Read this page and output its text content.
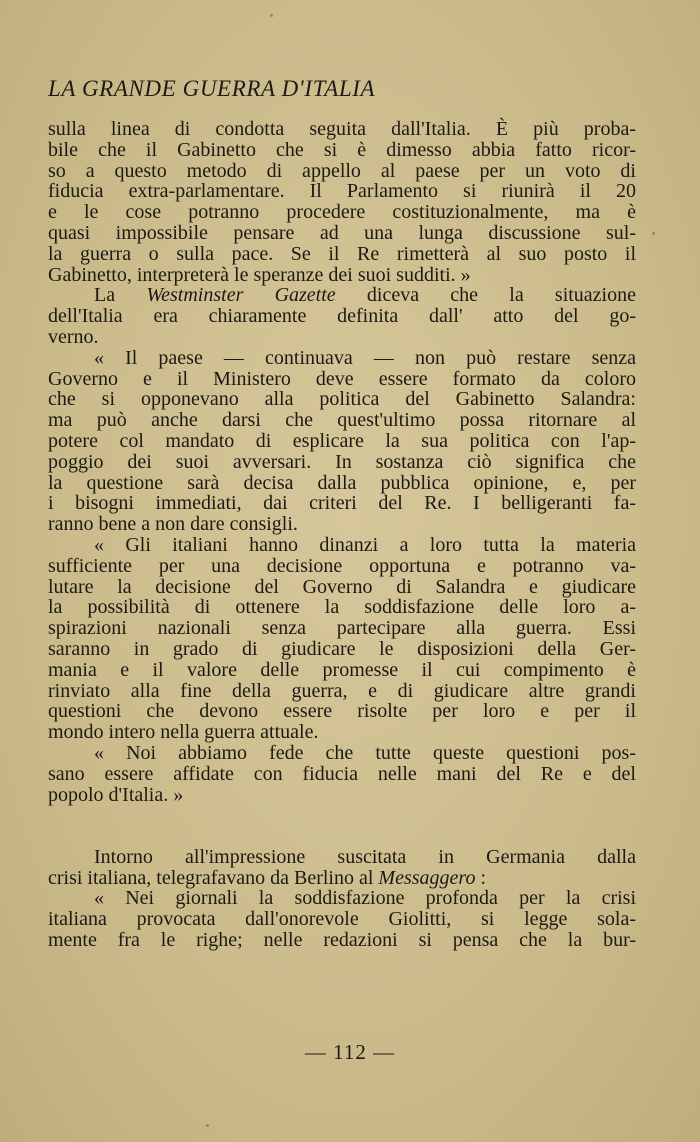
LA GRANDE GUERRA D'ITALIA
sulla linea di condotta seguita dall'Italia. È più proba-
bile che il Gabinetto che si è dimesso abbia fatto ricor-
so a questo metodo di appello al paese per un voto di
fiducia extra-parlamentare. Il Parlamento si riunirà il 20
e le cose potranno procedere costituzionalmente, ma è
quasi impossibile pensare ad una lunga discussione sul-
la guerra o sulla pace. Se il Re rimetterà al suo posto il
Gabinetto, interpreterà le speranze dei suoi sudditi. »
La Westminster Gazette diceva che la situazione
dell'Italia era chiaramente definita dall' atto del go-
verno.
« Il paese — continuava — non può restare senza
Governo e il Ministero deve essere formato da coloro
che si opponevano alla politica del Gabinetto Salandra:
ma può anche darsi che quest'ultimo possa ritornare al
potere col mandato di esplicare la sua politica con l'ap-
poggio dei suoi avversari. In sostanza ciò significa che
la questione sarà decisa dalla pubblica opinione, e, per
i bisogni immediati, dai criteri del Re. I belligeranti fa-
ranno bene a non dare consigli.
« Gli italiani hanno dinanzi a loro tutta la materia
sufficiente per una decisione opportuna e potranno va-
lutare la decisione del Governo di Salandra e giudicare
la possibilità di ottenere la soddisfazione delle loro a-
spirazioni nazionali senza partecipare alla guerra. Essi
saranno in grado di giudicare le disposizioni della Ger-
mania e il valore delle promesse il cui compimento è
rinviato alla fine della guerra, e di giudicare altre grandi
questioni che devono essere risolte per loro e per il
mondo intero nella guerra attuale.
« Noi abbiamo fede che tutte queste questioni pos-
sano essere affidate con fiducia nelle mani del Re e del
popolo d'Italia. »
Intorno all'impressione suscitata in Germania dalla
crisi italiana, telegrafavano da Berlino al Messaggero :
« Nei giornali la soddisfazione profonda per la crisi
italiana provocata dall'onorevole Giolitti, si legge sola-
mente fra le righe; nelle redazioni si pensa che la bur-
— 112 —
